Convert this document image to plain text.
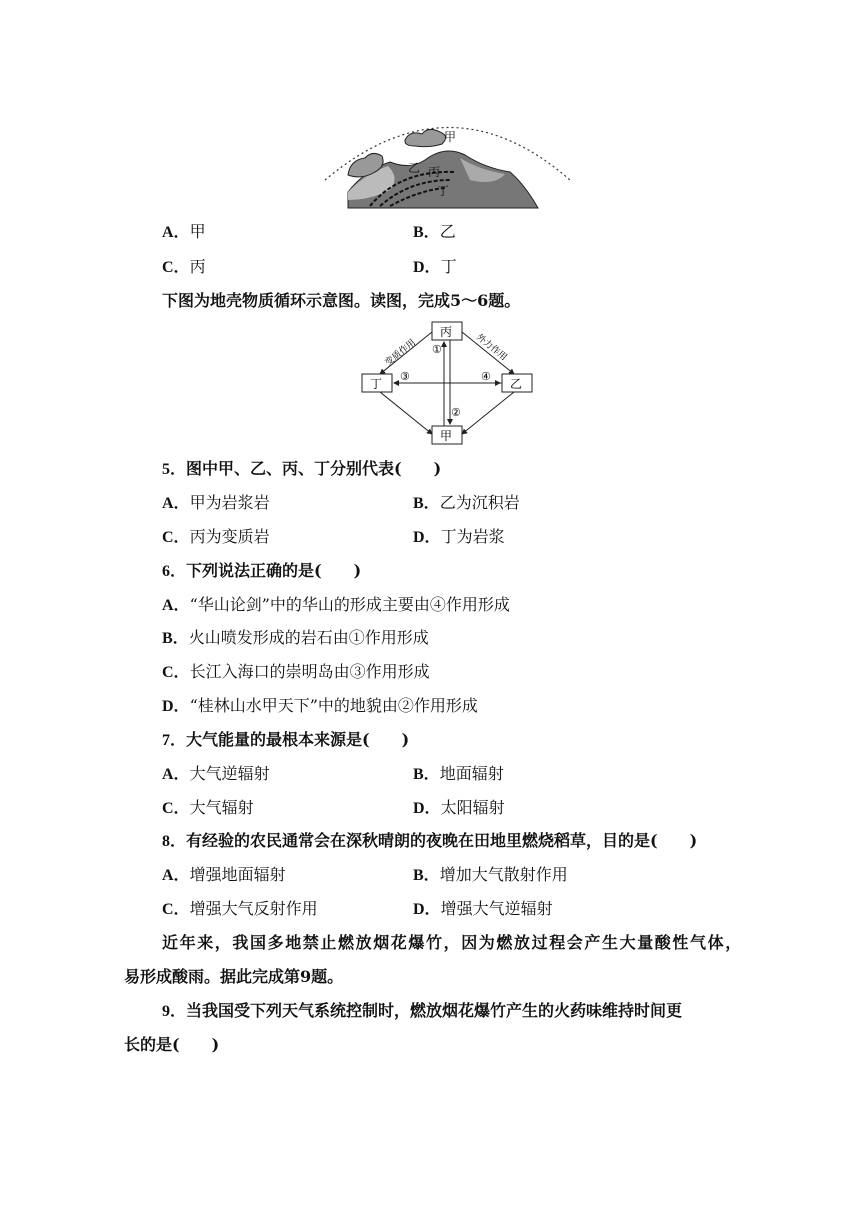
甲
乙 丙
丁
A．甲	B．乙
C．丙	D．丁
下图为地壳物质循环示意图。读图，完成5～6题。
丙
丁	乙
甲
变质作用	外力作用
①
②
③	④
5．图中甲、乙、丙、丁分别代表(　　)
A．甲为岩浆岩	B．乙为沉积岩
C．丙为变质岩	D．丁为岩浆
6．下列说法正确的是(　　)
A．“华山论剑”中的华山的形成主要由④作用形成
B．火山喷发形成的岩石由①作用形成
C．长江入海口的崇明岛由③作用形成
D．“桂林山水甲天下”中的地貌由②作用形成
7．大气能量的最根本来源是(　　)
A．大气逆辐射	B．地面辐射
C．大气辐射	D．太阳辐射
8．有经验的农民通常会在深秋晴朗的夜晚在田地里燃烧稻草，目的是(　　)
A．增强地面辐射	B．增加大气散射作用
C．增强大气反射作用	D．增强大气逆辐射
近年来，我国多地禁止燃放烟花爆竹，因为燃放过程会产生大量酸性气体，
易形成酸雨。据此完成第9题。
9．当我国受下列天气系统控制时，燃放烟花爆竹产生的火药味维持时间更
长的是(　　)
